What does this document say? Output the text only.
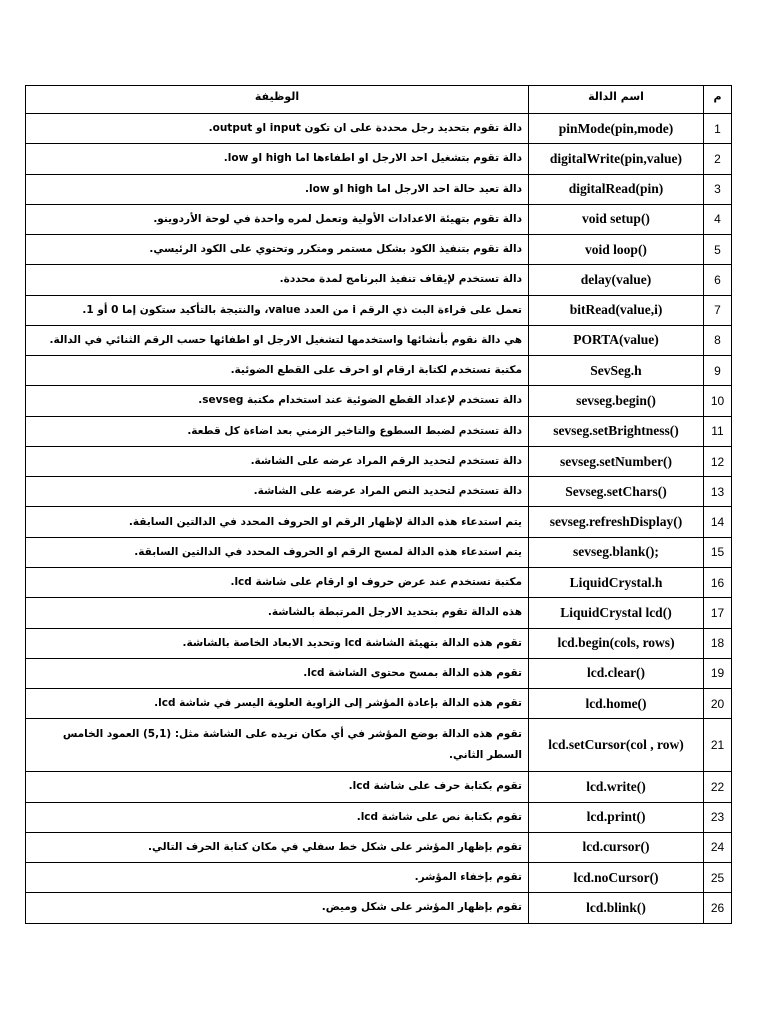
م	اسم الدالة	الوظيفة
1	pinMode(pin,mode)	دالة تقوم بتحديد رجل محددة على ان تكون input او output.
2	digitalWrite(pin,value)	دالة تقوم بتشغيل احد الارجل او اطفاءها اما high او low.
3	digitalRead(pin)	دالة تعيد حالة احد الارجل اما high او low.
4	void setup()	دالة تقوم بتهيئة الاعدادات الأولية وتعمل لمره واحدة في لوحة الأردوينو.
5	void loop()	دالة تقوم بتنفيذ الكود بشكل مستمر ومتكرر وتحتوي على الكود الرئيسي.
6	delay(value)	دالة تستخدم لإيقاف تنفيذ البرنامج لمدة محددة.
7	bitRead(value,i)	تعمل على قراءة البت ذي الرقم i من العدد value، والنتيجة بالتأكيد ستكون إما 0 أو 1.
8	PORTA(value)	هي دالة نقوم بأنشائها واستخدمها لتشغيل الارجل او اطفائها حسب الرقم الثنائي في الدالة.
9	SevSeg.h	مكتبة تستخدم لكتابة ارقام او احرف على القطع الضوئية.
10	sevseg.begin()	دالة تستخدم لإعداد القطع الضوئية عند استخدام مكتبة sevseg.
11	sevseg.setBrightness()	دالة تستخدم لضبط السطوع والتاخير الزمني بعد اضاءة كل قطعة.
12	sevseg.setNumber()	دالة تستخدم لتحديد الرقم المراد عرضه على الشاشة.
13	Sevseg.setChars()	دالة تستخدم لتحديد النص المراد عرضه على الشاشة.
14	sevseg.refreshDisplay()	يتم استدعاء هذه الدالة لإظهار الرقم او الحروف المحدد في الدالتين السابقة.
15	sevseg.blank();	يتم استدعاء هذه الدالة لمسح الرقم او الحروف المحدد في الدالتين السابقة.
16	LiquidCrystal.h	مكتبة تستخدم عند عرض حروف او ارقام على شاشة lcd.
17	LiquidCrystal lcd()	هذه الدالة تقوم بتحديد الارجل المرتبطة بالشاشة.
18	lcd.begin(cols, rows)	تقوم هذه الدالة بتهيئة الشاشة lcd وتحديد الابعاد الخاصة بالشاشة.
19	lcd.clear()	تقوم هذه الدالة بمسح محتوى الشاشة lcd.
20	lcd.home()	تقوم هذه الدالة بإعادة المؤشر إلى الزاوية العلوية اليسر في شاشة lcd.
21	lcd.setCursor(col , row)	تقوم هذه الدالة بوضع المؤشر في أي مكان نريده على الشاشة مثل: (5,1) العمود الخامس السطر الثاني.
22	lcd.write()	تقوم بكتابة حرف على شاشة lcd.
23	lcd.print()	تقوم بكتابة نص على شاشة lcd.
24	lcd.cursor()	تقوم بإظهار المؤشر على شكل خط سفلي في مكان كتابة الحرف التالي.
25	lcd.noCursor()	تقوم بإخفاء المؤشر.
26	lcd.blink()	تقوم بإظهار المؤشر على شكل وميض.
